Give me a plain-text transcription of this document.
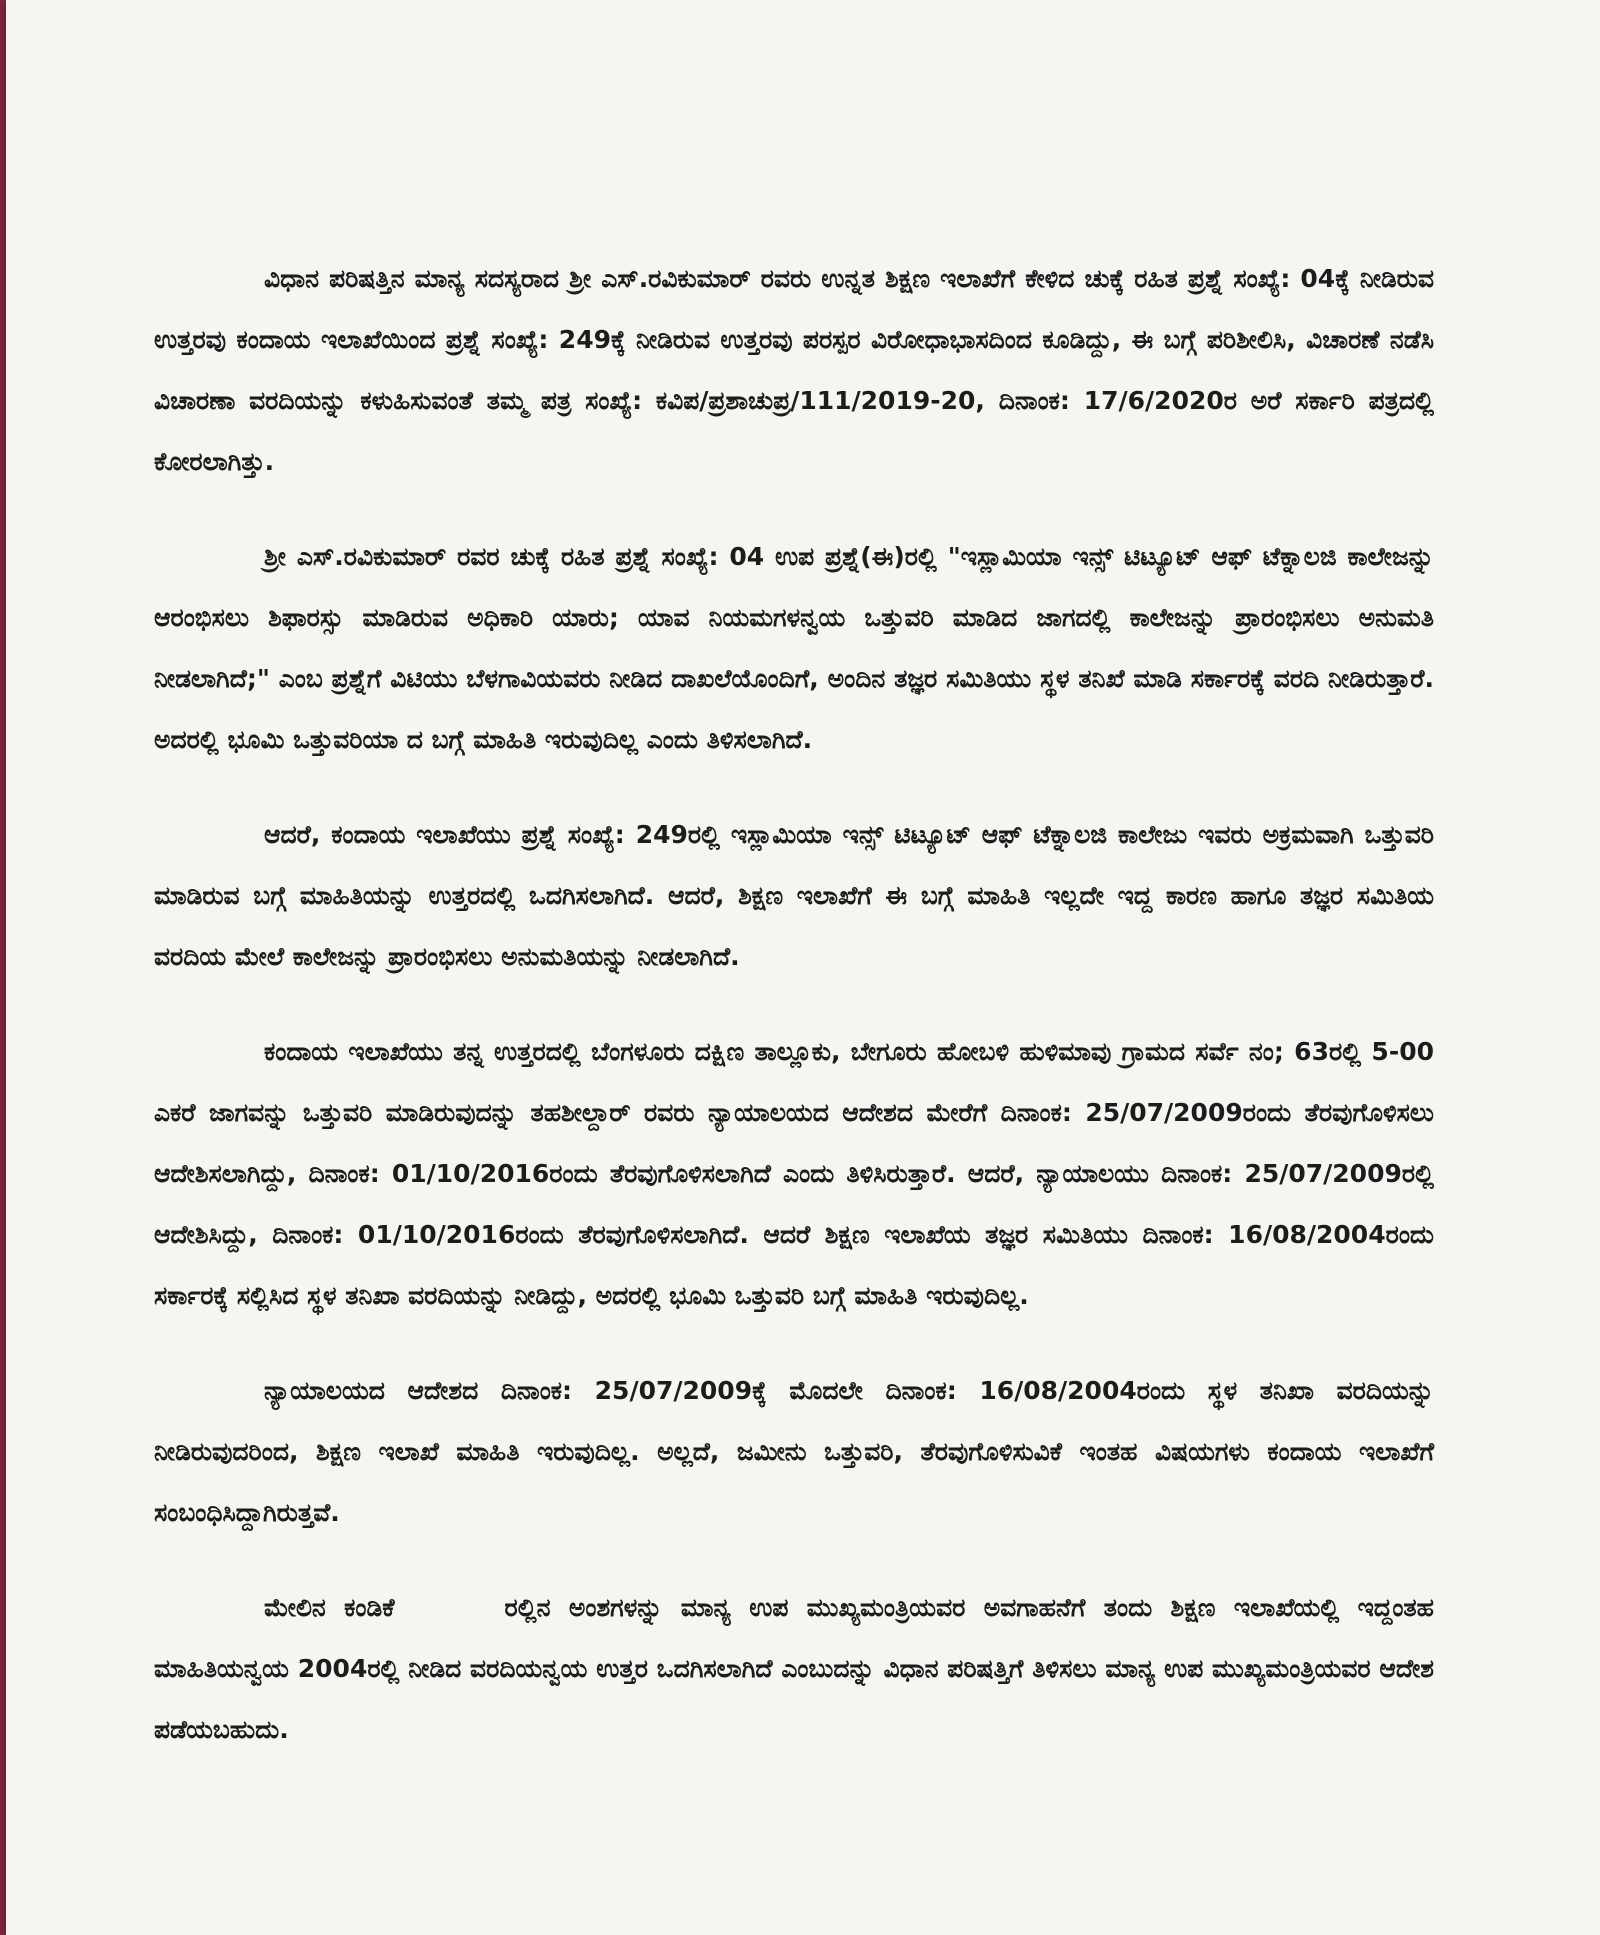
ವಿಧಾನ ಪರಿಷತ್ತಿನ ಮಾನ್ಯ ಸದಸ್ಯರಾದ ಶ್ರೀ ಎಸ್.ರವಿಕುಮಾರ್ ರವರು ಉನ್ನತ ಶಿಕ್ಷಣ ಇಲಾಖೆಗೆ ಕೇಳಿದ ಚುಕ್ಕೆ ರಹಿತ ಪ್ರಶ್ನೆ ಸಂಖ್ಯೆ: 04ಕ್ಕೆ ನೀಡಿರುವ ಉತ್ತರವು ಕಂದಾಯ ಇಲಾಖೆಯಿಂದ ಪ್ರಶ್ನೆ ಸಂಖ್ಯೆ: 249ಕ್ಕೆ ನೀಡಿರುವ ಉತ್ತರವು ಪರಸ್ಪರ ವಿರೋಧಾಭಾಸದಿಂದ ಕೂಡಿದ್ದು, ಈ ಬಗ್ಗೆ ಪರಿಶೀಲಿಸಿ, ವಿಚಾರಣೆ ನಡೆಸಿ ವಿಚಾರಣಾ ವರದಿಯನ್ನು ಕಳುಹಿಸುವಂತೆ ತಮ್ಮ ಪತ್ರ ಸಂಖ್ಯೆ: ಕವಿಪ/ಪ್ರಶಾಚುಪ್ರ/111/2019-20, ದಿನಾಂಕ: 17/6/2020ರ ಅರೆ ಸರ್ಕಾರಿ ಪತ್ರದಲ್ಲಿ ಕೋರಲಾಗಿತ್ತು.

ಶ್ರೀ ಎಸ್.ರವಿಕುಮಾರ್ ರವರ ಚುಕ್ಕೆ ರಹಿತ ಪ್ರಶ್ನೆ ಸಂಖ್ಯೆ: 04 ಉಪ ಪ್ರಶ್ನೆ(ಈ)ರಲ್ಲಿ "ಇಸ್ಲಾಮಿಯಾ ಇನ್ಸ್ ಟಿಟ್ಯೂಟ್ ಆಫ್ ಟೆಕ್ನಾಲಜಿ ಕಾಲೇಜನ್ನು ಆರಂಭಿಸಲು ಶಿಫಾರಸ್ಸು ಮಾಡಿರುವ ಅಧಿಕಾರಿ ಯಾರು; ಯಾವ ನಿಯಮಗಳನ್ವಯ ಒತ್ತುವರಿ ಮಾಡಿದ ಜಾಗದಲ್ಲಿ ಕಾಲೇಜನ್ನು ಪ್ರಾರಂಭಿಸಲು ಅನುಮತಿ ನೀಡಲಾಗಿದೆ;" ಎಂಬ ಪ್ರಶ್ನೆಗೆ ವಿಟಿಯು ಬೆಳಗಾವಿಯವರು ನೀಡಿದ ದಾಖಲೆಯೊಂದಿಗೆ, ಅಂದಿನ ತಜ್ಞರ ಸಮಿತಿಯು ಸ್ಥಳ ತನಿಖೆ ಮಾಡಿ ಸರ್ಕಾರಕ್ಕೆ ವರದಿ ನೀಡಿರುತ್ತಾರೆ. ಅದರಲ್ಲಿ ಭೂಮಿ ಒತ್ತುವರಿಯಾ ದ ಬಗ್ಗೆ ಮಾಹಿತಿ ಇರುವುದಿಲ್ಲ ಎಂದು ತಿಳಿಸಲಾಗಿದೆ.

ಆದರೆ, ಕಂದಾಯ ಇಲಾಖೆಯು ಪ್ರಶ್ನೆ ಸಂಖ್ಯೆ: 249ರಲ್ಲಿ ಇಸ್ಲಾಮಿಯಾ ಇನ್ಸ್ ಟಿಟ್ಯೂಟ್ ಆಫ್ ಟೆಕ್ನಾಲಜಿ ಕಾಲೇಜು ಇವರು ಅಕ್ರಮವಾಗಿ ಒತ್ತುವರಿ ಮಾಡಿರುವ ಬಗ್ಗೆ ಮಾಹಿತಿಯನ್ನು ಉತ್ತರದಲ್ಲಿ ಒದಗಿಸಲಾಗಿದೆ. ಆದರೆ, ಶಿಕ್ಷಣ ಇಲಾಖೆಗೆ ಈ ಬಗ್ಗೆ ಮಾಹಿತಿ ಇಲ್ಲದೇ ಇದ್ದ ಕಾರಣ ಹಾಗೂ ತಜ್ಞರ ಸಮಿತಿಯ ವರದಿಯ ಮೇಲೆ ಕಾಲೇಜನ್ನು ಪ್ರಾರಂಭಿಸಲು ಅನುಮತಿಯನ್ನು ನೀಡಲಾಗಿದೆ.

ಕಂದಾಯ ಇಲಾಖೆಯು ತನ್ನ ಉತ್ತರದಲ್ಲಿ ಬೆಂಗಳೂರು ದಕ್ಷಿಣ ತಾಲ್ಲೂಕು, ಬೇಗೂರು ಹೋಬಳಿ ಹುಳಿಮಾವು ಗ್ರಾಮದ ಸರ್ವೆ ನಂ; 63ರಲ್ಲಿ 5-00 ಎಕರೆ ಜಾಗವನ್ನು ಒತ್ತುವರಿ ಮಾಡಿರುವುದನ್ನು ತಹಶೀಲ್ದಾರ್ ರವರು ನ್ಯಾಯಾಲಯದ ಆದೇಶದ ಮೇರೆಗೆ ದಿನಾಂಕ: 25/07/2009ರಂದು ತೆರವುಗೊಳಿಸಲು ಆದೇಶಿಸಲಾಗಿದ್ದು, ದಿನಾಂಕ: 01/10/2016ರಂದು ತೆರವುಗೊಳಿಸಲಾಗಿದೆ ಎಂದು ತಿಳಿಸಿರುತ್ತಾರೆ. ಆದರೆ, ನ್ಯಾಯಾಲಯು ದಿನಾಂಕ: 25/07/2009ರಲ್ಲಿ ಆದೇಶಿಸಿದ್ದು, ದಿನಾಂಕ: 01/10/2016ರಂದು ತೆರವುಗೊಳಿಸಲಾಗಿದೆ. ಆದರೆ ಶಿಕ್ಷಣ ಇಲಾಖೆಯ ತಜ್ಞರ ಸಮಿತಿಯು ದಿನಾಂಕ: 16/08/2004ರಂದು ಸರ್ಕಾರಕ್ಕೆ ಸಲ್ಲಿಸಿದ ಸ್ಥಳ ತನಿಖಾ ವರದಿಯನ್ನು ನೀಡಿದ್ದು, ಅದರಲ್ಲಿ ಭೂಮಿ ಒತ್ತುವರಿ ಬಗ್ಗೆ ಮಾಹಿತಿ ಇರುವುದಿಲ್ಲ.

ನ್ಯಾಯಾಲಯದ ಆದೇಶದ ದಿನಾಂಕ: 25/07/2009ಕ್ಕೆ ಮೊದಲೇ ದಿನಾಂಕ: 16/08/2004ರಂದು ಸ್ಥಳ ತನಿಖಾ ವರದಿಯನ್ನು ನೀಡಿರುವುದರಿಂದ, ಶಿಕ್ಷಣ ಇಲಾಖೆ ಮಾಹಿತಿ ಇರುವುದಿಲ್ಲ. ಅಲ್ಲದೆ, ಜಮೀನು ಒತ್ತುವರಿ, ತೆರವುಗೊಳಿಸುವಿಕೆ ಇಂತಹ ವಿಷಯಗಳು ಕಂದಾಯ ಇಲಾಖೆಗೆ ಸಂಬಂಧಿಸಿದ್ದಾಗಿರುತ್ತವೆ.

ಮೇಲಿನ ಕಂಡಿಕೆ	ರಲ್ಲಿನ ಅಂಶಗಳನ್ನು ಮಾನ್ಯ ಉಪ ಮುಖ್ಯಮಂತ್ರಿಯವರ ಅವಗಾಹನೆಗೆ ತಂದು ಶಿಕ್ಷಣ ಇಲಾಖೆಯಲ್ಲಿ ಇದ್ದಂತಹ ಮಾಹಿತಿಯನ್ವಯ 2004ರಲ್ಲಿ ನೀಡಿದ ವರದಿಯನ್ವಯ ಉತ್ತರ ಒದಗಿಸಲಾಗಿದೆ ಎಂಬುದನ್ನು ವಿಧಾನ ಪರಿಷತ್ತಿಗೆ ತಿಳಿಸಲು ಮಾನ್ಯ ಉಪ ಮುಖ್ಯಮಂತ್ರಿಯವರ ಆದೇಶ ಪಡೆಯಬಹುದು.
